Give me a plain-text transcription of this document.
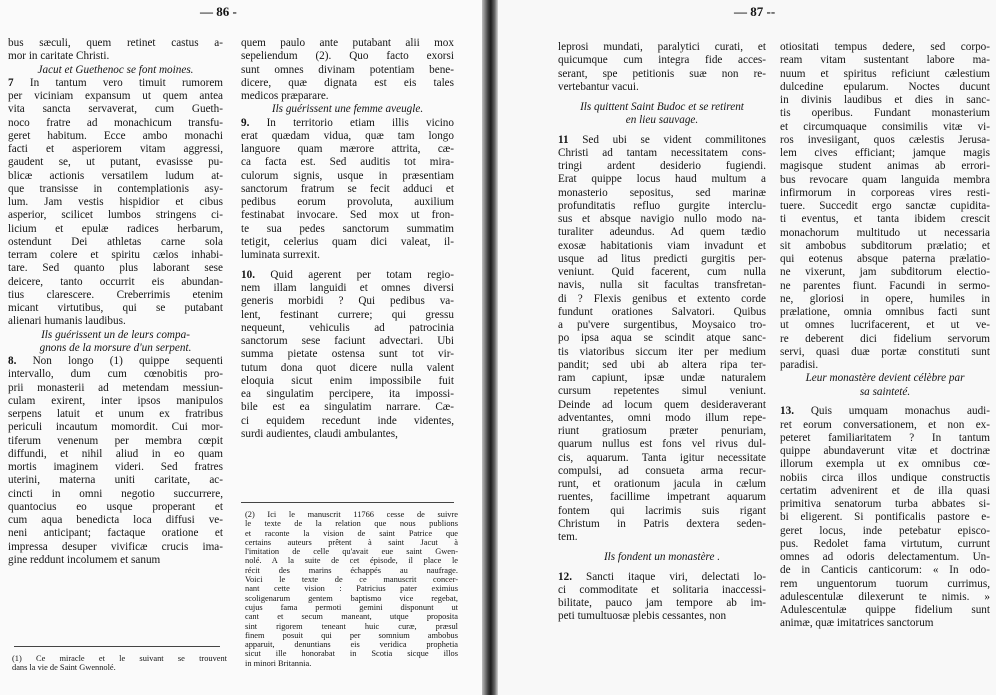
— 86 -

bus sæculi, quem retinet castus a-
mor in caritate Christi.

Jacut et Guethenoc se font moines.

7 In tantum vero timuit rumorem
per viciniam expansum ut quem antea
vita sancta servaverat, cum Gueth-
noco fratre ad monachicum transfu-
geret habitum. Ecce ambo monachi
facti et asperiorem vitam aggressi,
gaudent se, ut putant, evasisse pu-
blicæ actionis versatilem ludum at-
que transisse in contemplationis asy-
lum. Jam vestis hispidior et cibus
asperior, scilicet lumbos stringens ci-
licium et epulæ radices herbarum,
ostendunt Dei athletas carne sola
terram colere et spiritu cælos inhabi-
tare. Sed quanto plus laborant sese
deicere, tanto occurrit eis abundan-
tius clarescere. Creberrimis etenim
micant virtutibus, qui se putabant
alienari humanis laudibus.

Ils guérissent un de leurs compa-

gnons de la morsure d'un serpent.

8. Non longo (1) quippe sequenti
intervallo, dum cum cœnobitis pro-
prii monasterii ad metendam messiun-
culam exirent, inter ipsos manipulos
serpens latuit et unum ex fratribus
periculi incautum momordit. Cui mor-
tiferum venenum per membra cœpit
diffundi, et nihil aliud in eo quam
mortis imaginem videri. Sed fratres
uterini, materna uniti caritate, ac-
cincti in omni negotio succurrere,
quantocius eo usque properant et
cum aqua benedicta loca diffusi ve-
neni anticipant; factaque oratione et
impressa desuper vivificæ crucis ima-
gine reddunt incolumem et sanum

quem paulo ante putabant alii mox
sepeliendum (2). Quo facto exorsi
sunt omnes divinam potentiam bene-
dicere, quæ dignata est eis tales
medicos præparare.

Ils guérissent une femme aveugle.

9. In territorio etiam illis vicino
erat quædam vidua, quæ tam longo
languore quam mærore attrita, cæ-
ca facta est. Sed auditis tot mira-
culorum signis, usque in præsentiam
sanctorum fratrum se fecit adduci et
pedibus eorum provoluta, auxilium
festinabat invocare. Sed mox ut fron-
te sua pedes sanctorum summatim
tetigit, celerius quam dici valeat, il-
luminata surrexit.

10. Quid agerent per totam regio-
nem illam languidi et omnes diversi
generis morbidi ? Qui pedibus va-
lent, festinant currere; qui gressu
nequeunt, vehiculis ad patrocinia
sanctorum sese faciunt advectari. Ubi
summa pietate ostensa sunt tot vir-
tutum dona quot dicere nulla valent
eloquia sicut enim impossibile fuit
ea singulatim percipere, ita impossi-
bile est ea singulatim narrare. Cæ-
ci equidem recedunt inde videntes,
surdi audientes, claudi ambulantes,

(1) Ce miracle et le suivant se trouvent
dans la vie de Saint Gwennolé.
(2) Ici le manuscrit 11766 cesse de suivre
le texte de la relation que nous publions
et raconte la vision de saint Patrice que
certains auteurs prêtent à saint Jacut à
l'imitation de celle qu'avait eue saint Gwen-
nolé. A la suite de cet épisode, il place le
récit des marins échappés au naufrage.
Voici le texte de ce manuscrit concer-
nant cette vision : Patricius pater eximius
scoligenarum gentem baptismo vice regebat,
cujus fama permoti gemini disponunt ut
cant et secum maneant, utque proposita
sint rigorem teneant huic curæ, præsul
finem posuit qui per somnium ambobus
apparuit, denuntians eis veridica prophetia
sicut ille honorabat in Scotia sicque illos
in minori Britannia.
— 87 --

leprosi mundati, paralytici curati, et
quicumque cum integra fide acces-
serant, spe petitionis suæ non re-
vertebantur vacui.

Ils quittent Saint Budoc et se retirent

en lieu sauvage.

11 Sed ubi se vident commilitones
Christi ad tantam necessitatem cons-
tringi ardent desiderio fugiendi.
Erat quippe locus haud multum a
monasterio sepositus, sed marinæ
profunditatis refluo gurgite interclu-
sus et absque navigio nullo modo na-
turaliter adeundus. Ad quem tædio
exosæ habitationis viam invadunt et
usque ad litus predicti gurgitis per-
veniunt. Quid facerent, cum nulla
navis, nulla sit facultas transfretan-
di ? Flexis genibus et extento corde
fundunt orationes Salvatori. Quibus
a pu'vere surgentibus, Moysaico tro-
po ipsa aqua se scindit atque sanc-
tis viatoribus siccum iter per medium
pandit; sed ubi ab altera ripa ter-
ram capiunt, ipsæ undæ naturalem
cursum repetentes simul veniunt.
Deinde ad locum quem desideraverant
adventantes, omni modo illum repe-
riunt gratiosum præter penuriam,
quarum nullus est fons vel rivus dul-
cis, aquarum. Tanta igitur necessitate
compulsi, ad consueta arma recur-
runt, et orationum jacula in cælum
ruentes, facillime impetrant aquarum
fontem qui lacrimis suis rigant
Christum in Patris dextera seden-
tem.

Ils fondent un monastère .

12. Sancti itaque viri, delectati lo-
ci commoditate et solitaria inaccessi-
bilitate, pauco jam tempore ab im-
peti tumultuosæ plebis cessantes, non

otiositati tempus dedere, sed corpo-
ream vitam sustentant labore ma-
nuum et spiritus reficiunt cælestium
dulcedine epularum. Noctes ducunt
in divinis laudibus et dies in sanc-
tis operibus. Fundant monasterium
et circumquaque consimilis vitæ vi-
ros invesiigant, quos cælestis Jerusa-
lem cives efficiant; jamque magis
magisque student animas ab errori-
bus revocare quam languida membra
infirmorum in corporeas vires resti-
tuere. Succedit ergo sanctæ cupidita-
ti eventus, et tanta ibidem crescit
monachorum multitudo ut necessaria
sit ambobus subditorum prælatio; et
qui eotenus absque paterna prælatio-
ne vixerunt, jam subditorum electio-
ne parentes fiunt. Facundi in sermo-
ne, gloriosi in opere, humiles in
prælatione, omnia omnibus facti sunt
ut omnes lucrifacerent, et ut ve-
re deberent dici fidelium servorum
servi, quasi duæ portæ constituti sunt
paradisi.

Leur monastère devient célèbre par

sa sainteté.

13. Quis umquam monachus audi-
ret eorum conversationem, et non ex-
peteret familiaritatem ? In tantum
quippe abundaverunt vitæ et doctrinæ
illorum exempla ut ex omnibus cœ-
nobiis circa illos undique constructis
certatim advenirent et de illa quasi
primitiva senatorum turba abbates si-
bi eligerent. Si pontificalis pastore e-
geret locus, inde petebatur episco-
pus. Redolet fama virtutum, currunt
omnes ad odoris delectamentum. Un-
de in Canticis canticorum: « In odo-
rem unguentorum tuorum currimus,
adulescentulæ dilexerunt te nimis. »
Adulescentulæ quippe fidelium sunt
animæ, quæ imitatrices sanctorum
